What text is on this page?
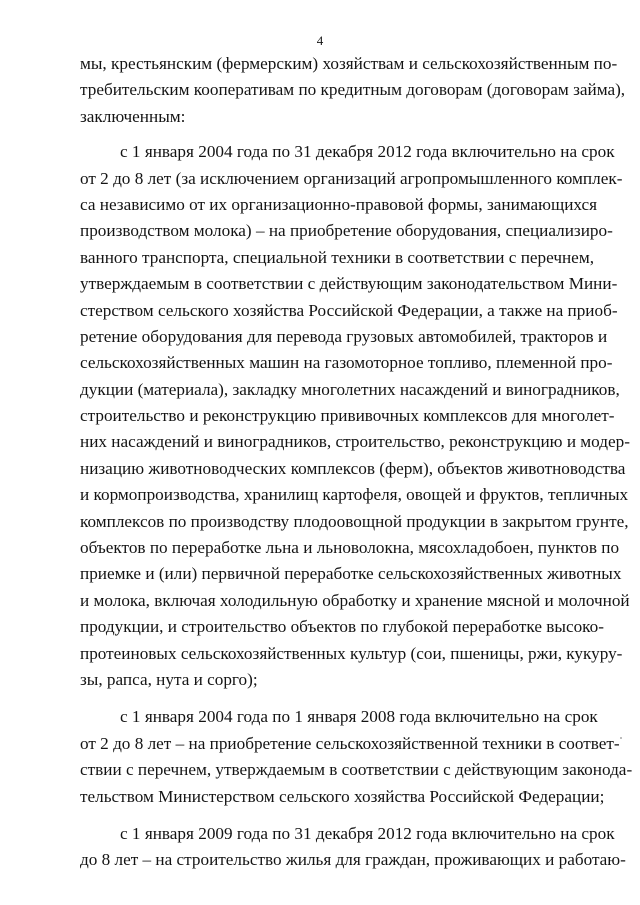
4
мы, крестьянским (фермерским) хозяйствам и сельскохозяйственным по-
требительским кооперативам по кредитным договорам (договорам займа),
заключенным:
с 1 января 2004 года по 31 декабря 2012 года включительно на срок
от 2 до 8 лет (за исключением организаций агропромышленного комплек-
са независимо от их организационно-правовой формы, занимающихся
производством молока) – на приобретение оборудования, специализиро-
ванного транспорта, специальной техники в соответствии с перечнем,
утверждаемым в соответствии с действующим законодательством Мини-
стерством сельского хозяйства Российской Федерации, а также на приоб-
ретение оборудования для перевода грузовых автомобилей, тракторов и
сельскохозяйственных машин на газомоторное топливо, племенной про-
дукции (материала), закладку многолетних насаждений и виноградников,
строительство и реконструкцию прививочных комплексов для многолет-
них насаждений и виноградников, строительство, реконструкцию и модер-
низацию животноводческих комплексов (ферм), объектов животноводства
и кормопроизводства, хранилищ картофеля, овощей и фруктов, тепличных
комплексов по производству плодоовощной продукции в закрытом грунте,
объектов по переработке льна и льноволокна, мясохладобоен, пунктов по
приемке и (или) первичной переработке сельскохозяйственных животных
и молока, включая холодильную обработку и хранение мясной и молочной
продукции, и строительство объектов по глубокой переработке высоко-
протеиновых сельскохозяйственных культур (сои, пшеницы, ржи, кукуру-
зы, рапса, нута и сорго);
с 1 января 2004 года по 1 января 2008 года включительно на срок
от 2 до 8 лет – на приобретение сельскохозяйственной техники в соответ-
ствии с перечнем, утверждаемым в соответствии с действующим законода-
тельством Министерством сельского хозяйства Российской Федерации;
с 1 января 2009 года по 31 декабря 2012 года включительно на срок
до 8 лет – на строительство жилья для граждан, проживающих и работаю-
